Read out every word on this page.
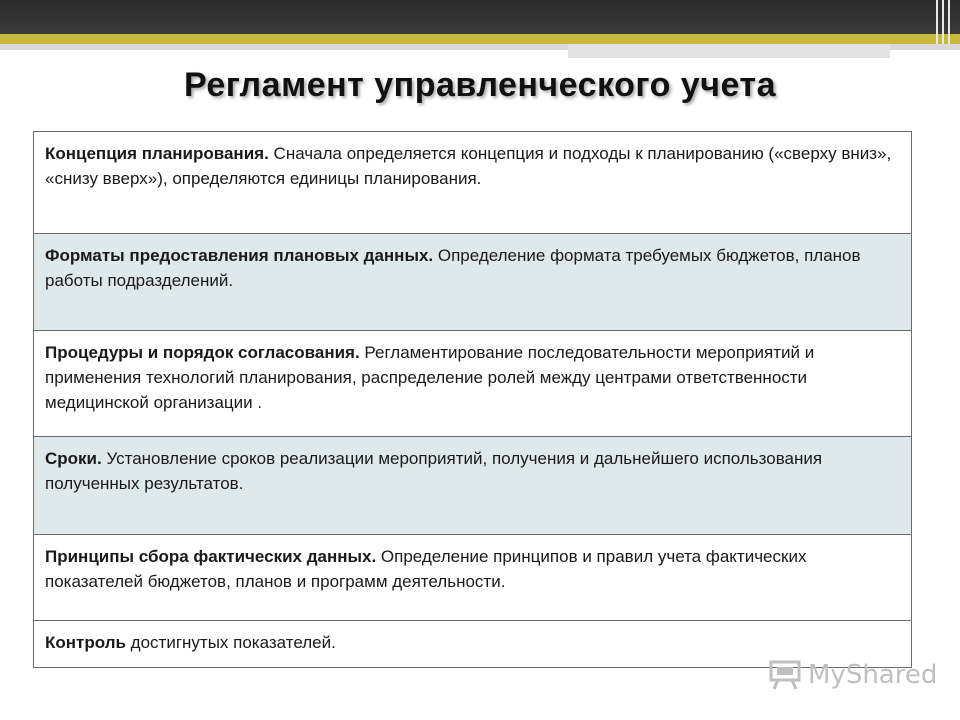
Регламент управленческого учета
Концепция планирования. Сначала определяется концепция и подходы к планированию («сверху вниз», «снизу вверх»), определяются единицы планирования.
Форматы предоставления плановых данных. Определение формата требуемых бюджетов, планов работы подразделений.
Процедуры и порядок согласования. Регламентирование последовательности мероприятий и применения технологий планирования, распределение ролей между центрами ответственности медицинской организации .
Сроки. Установление сроков реализации мероприятий, получения и дальнейшего использования полученных результатов.
Принципы сбора фактических данных. Определение принципов и правил учета фактических показателей бюджетов, планов и программ деятельности.
Контроль достигнутых показателей.
MyShared
